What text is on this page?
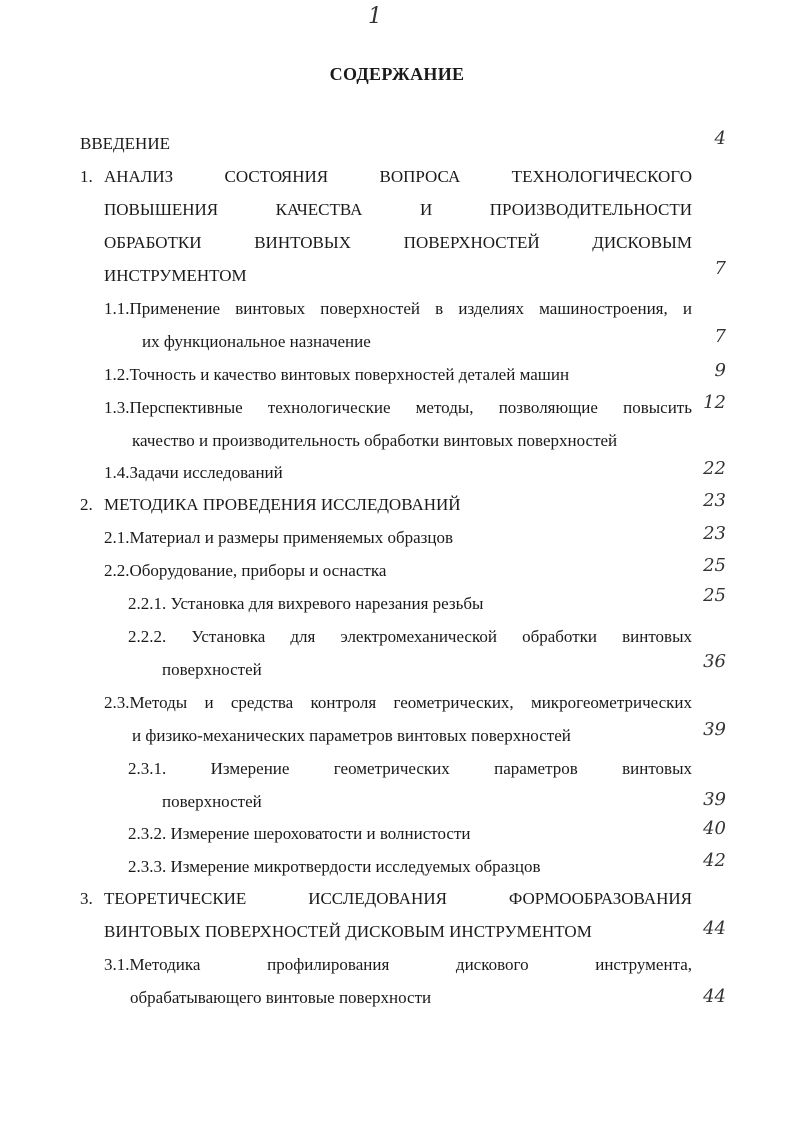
1
СОДЕРЖАНИЕ
ВВЕДЕНИЕ	4
1. АНАЛИЗ СОСТОЯНИЯ ВОПРОСА ТЕХНОЛОГИЧЕСКОГО
ПОВЫШЕНИЯ КАЧЕСТВА И ПРОИЗВОДИТЕЛЬНОСТИ
ОБРАБОТКИ ВИНТОВЫХ ПОВЕРХНОСТЕЙ ДИСКОВЫМ
ИНСТРУМЕНТОМ	7
1.1.Применение винтовых поверхностей в изделиях машиностроения, и
их функциональное назначение	7
1.2.Точность и качество винтовых поверхностей деталей машин	9
1.3.Перспективные технологические методы, позволяющие повысить
качество и производительность обработки винтовых поверхностей
12
1.4.Задачи исследований	22
2. МЕТОДИКА ПРОВЕДЕНИЯ ИССЛЕДОВАНИЙ	23
2.1.Материал и размеры применяемых образцов	23
2.2.Оборудование, приборы и оснастка	25
2.2.1. Установка для вихревого нарезания резьбы	25
2.2.2. Установка для электромеханической обработки винтовых
поверхностей	36
2.3.Методы и средства контроля геометрических, микрогеометрических
и физико-механических параметров винтовых поверхностей	39
2.3.1. Измерение геометрических параметров винтовых
поверхностей	39
2.3.2. Измерение шероховатости и волнистости	40
2.3.3. Измерение микротвердости исследуемых образцов	42
3. ТЕОРЕТИЧЕСКИЕ ИССЛЕДОВАНИЯ ФОРМООБРАЗОВАНИЯ
ВИНТОВЫХ ПОВЕРХНОСТЕЙ ДИСКОВЫМ ИНСТРУМЕНТОМ	44
3.1.Методика профилирования дискового инструмента,
обрабатывающего винтовые поверхности	44
